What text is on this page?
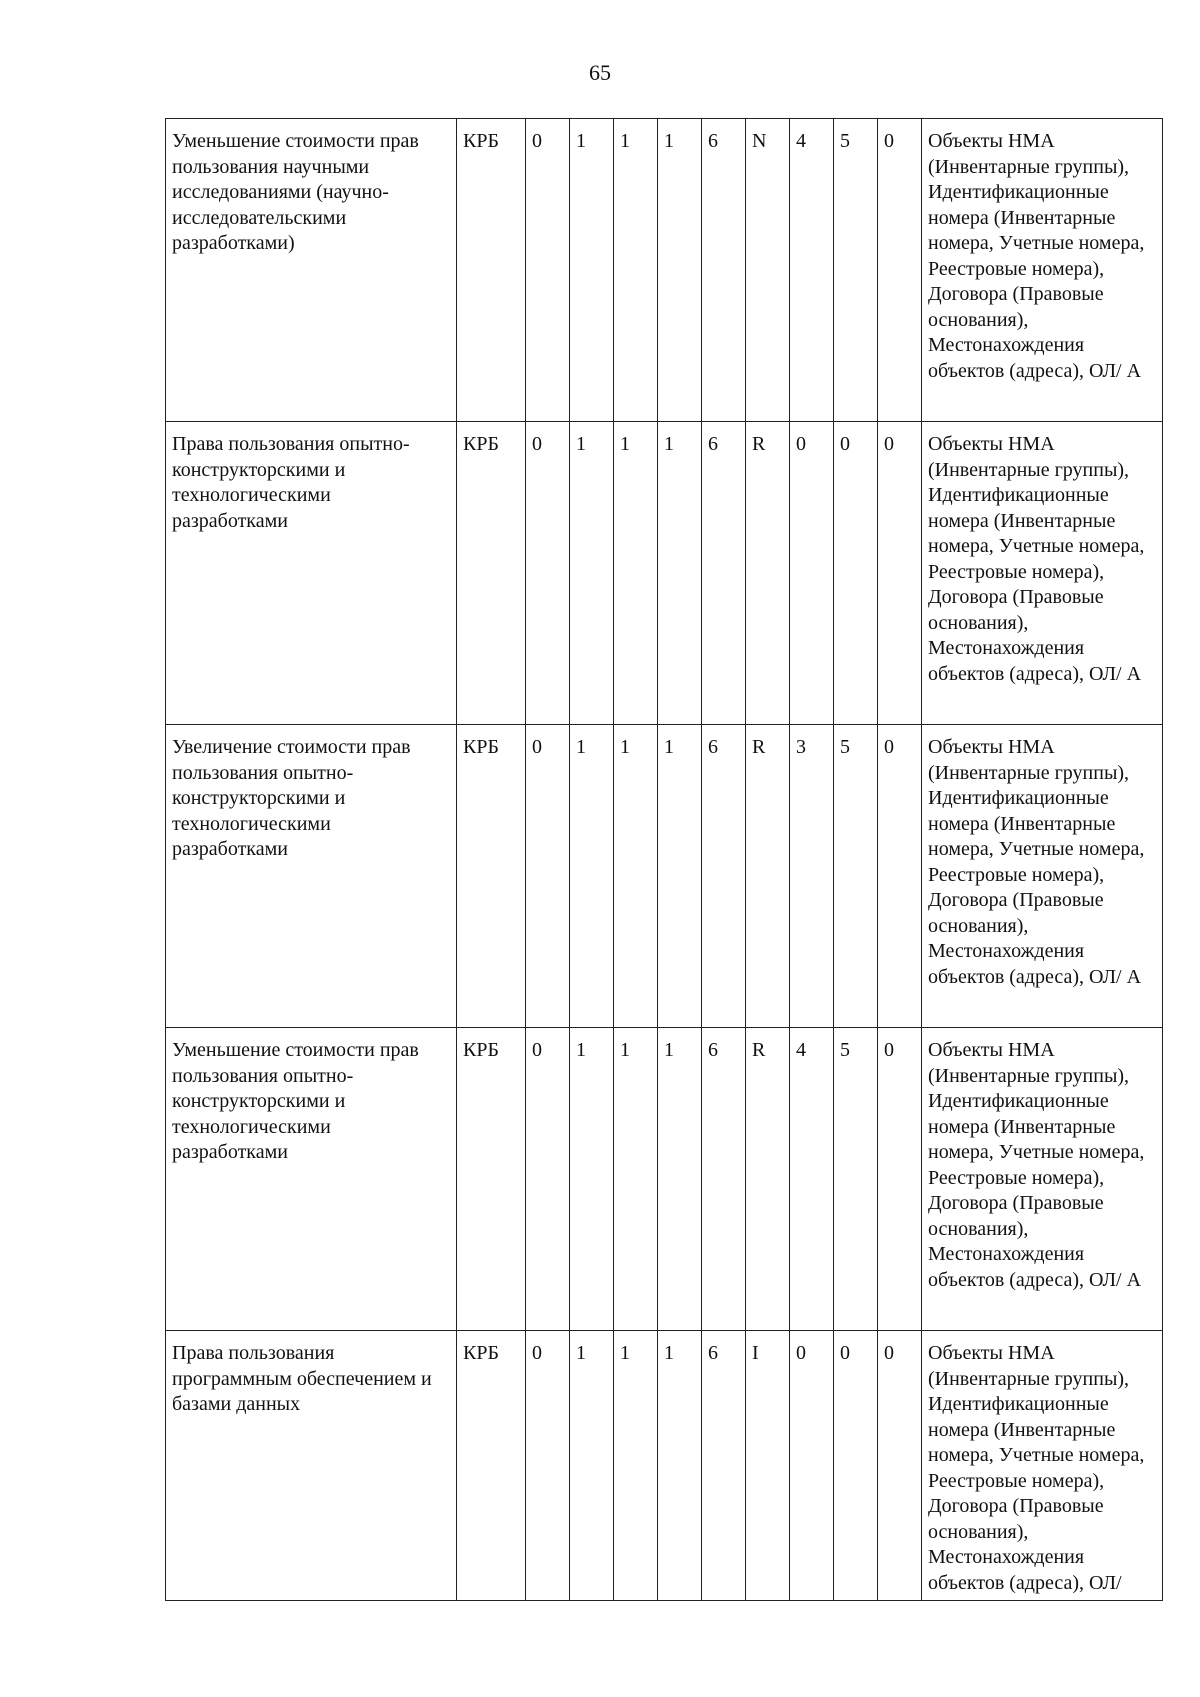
65
Уменьшение стоимости прав пользования научными исследованиями (научно-исследовательскими разработками)	КРБ	0	1	1	1	6	N	4	5	0	Объекты НМА (Инвентарные группы), Идентификационные номера (Инвентарные номера, Учетные номера, Реестровые номера), Договора (Правовые основания), Местонахождения объектов (адреса), ОЛ/ А
Права пользования опытно-конструкторскими и технологическими разработками	КРБ	0	1	1	1	6	R	0	0	0	Объекты НМА (Инвентарные группы), Идентификационные номера (Инвентарные номера, Учетные номера, Реестровые номера), Договора (Правовые основания), Местонахождения объектов (адреса), ОЛ/ А
Увеличение стоимости прав пользования опытно-конструкторскими и технологическими разработками	КРБ	0	1	1	1	6	R	3	5	0	Объекты НМА (Инвентарные группы), Идентификационные номера (Инвентарные номера, Учетные номера, Реестровые номера), Договора (Правовые основания), Местонахождения объектов (адреса), ОЛ/ А
Уменьшение стоимости прав пользования опытно-конструкторскими и технологическими разработками	КРБ	0	1	1	1	6	R	4	5	0	Объекты НМА (Инвентарные группы), Идентификационные номера (Инвентарные номера, Учетные номера, Реестровые номера), Договора (Правовые основания), Местонахождения объектов (адреса), ОЛ/ А
Права пользования программным обеспечением и базами данных	КРБ	0	1	1	1	6	I	0	0	0	Объекты НМА (Инвентарные группы), Идентификационные номера (Инвентарные номера, Учетные номера, Реестровые номера), Договора (Правовые основания), Местонахождения объектов (адреса), ОЛ/
